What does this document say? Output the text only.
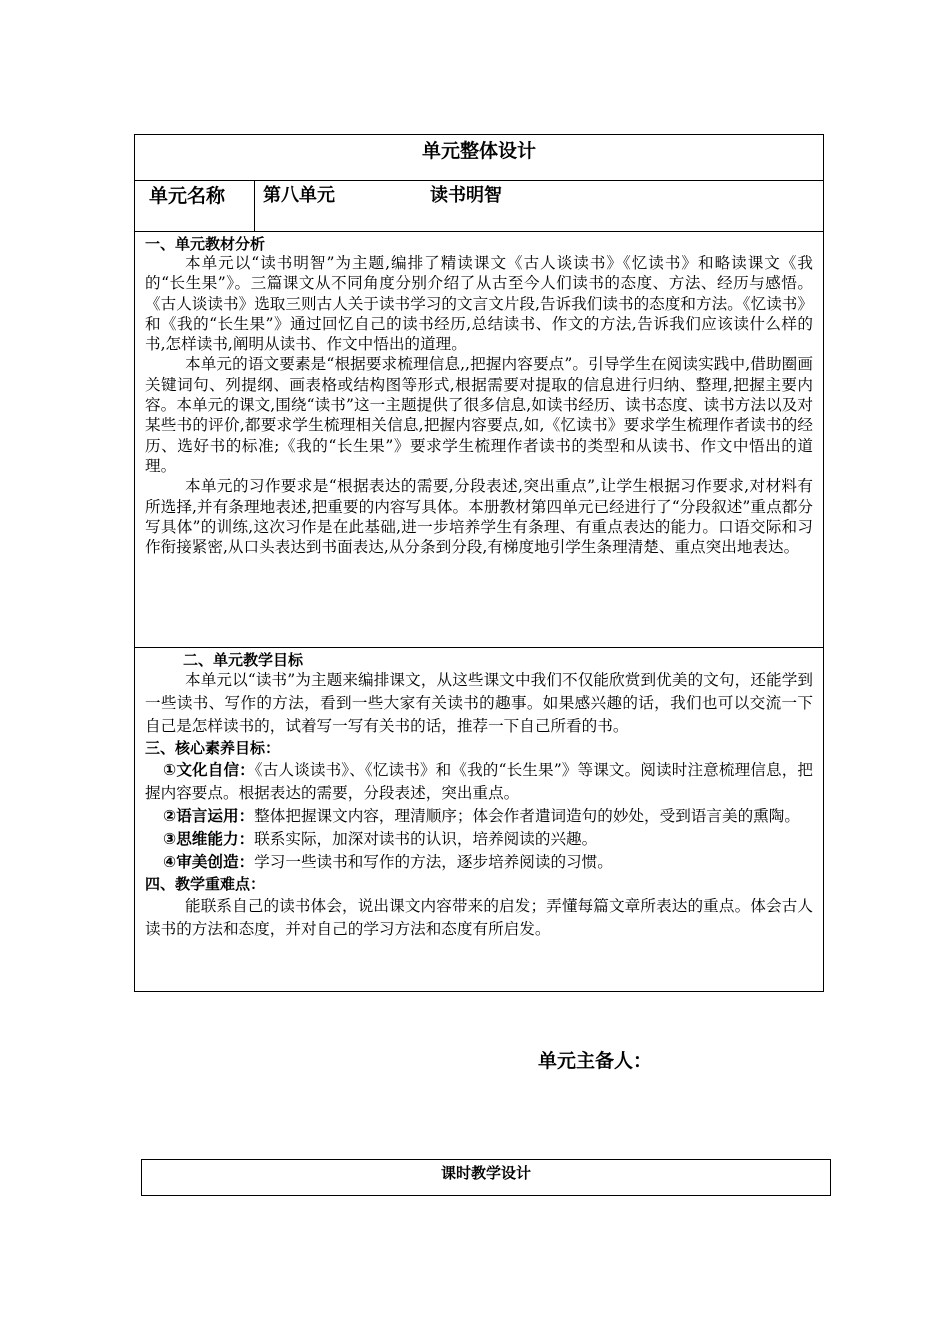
单元整体设计
单元名称	第八单元	读书明智
一、单元教材分析

本单元以“读书明智”为主题,编排了精读课文《古人谈读书》《忆读书》和略读课文《我的“长生果”》。三篇课文从不同角度分别介绍了从古至今人们读书的态度、方法、经历与感悟。《古人谈读书》选取三则古人关于读书学习的文言文片段,告诉我们读书的态度和方法。《忆读书》和《我的“长生果”》通过回忆自己的读书经历,总结读书、作文的方法,告诉我们应该读什么样的书,怎样读书,阐明从读书、作文中悟出的道理。

本单元的语文要素是“根据要求梳理信息,,把握内容要点”。引导学生在阅读实践中,借助圈画关键词句、列提纲、画表格或结构图等形式,根据需要对提取的信息进行归纳、整理,把握主要内容。本单元的课文,围绕“读书”这一主题提供了很多信息,如读书经历、读书态度、读书方法以及对某些书的评价,都要求学生梳理相关信息,把握内容要点,如,《忆读书》要求学生梳理作者读书的经历、选好书的标准;《我的“长生果”》要求学生梳理作者读书的类型和从读书、作文中悟出的道理。

本单元的习作要求是“根据表达的需要,分段表述,突出重点”,让学生根据习作要求,对材料有所选择,并有条理地表述,把重要的内容写具体。本册教材第四单元已经进行了“分段叙述”重点都分写具体”的训练,这次习作是在此基础,进一步培养学生有条理、有重点表达的能力。口语交际和习作衔接紧密,从口头表达到书面表达,从分条到分段,有梯度地引学生条理清楚、重点突出地表达。

二、单元教学目标

本单元以“读书”为主题来编排课文，从这些课文中我们不仅能欣赏到优美的文句，还能学到一些读书、写作的方法，看到一些大家有关读书的趣事。如果感兴趣的话，我们也可以交流一下自己是怎样读书的，试着写一写有关书的话，推荐一下自己所看的书。

三、核心素养目标：

①文化自信：《古人谈读书》、《忆读书》和《我的“长生果”》等课文。阅读时注意梳理信息，把握内容要点。根据表达的需要，分段表述，突出重点。

②语言运用：整体把握课文内容，理清顺序；体会作者遣词造句的妙处，受到语言美的熏陶。

③思维能力：联系实际，加深对读书的认识，培养阅读的兴趣。

④审美创造：学习一些读书和写作的方法，逐步培养阅读的习惯。

四、教学重难点：

能联系自己的读书体会，说出课文内容带来的启发；弄懂每篇文章所表达的重点。体会古人读书的方法和态度，并对自己的学习方法和态度有所启发。

单元主备人：
课时教学设计
